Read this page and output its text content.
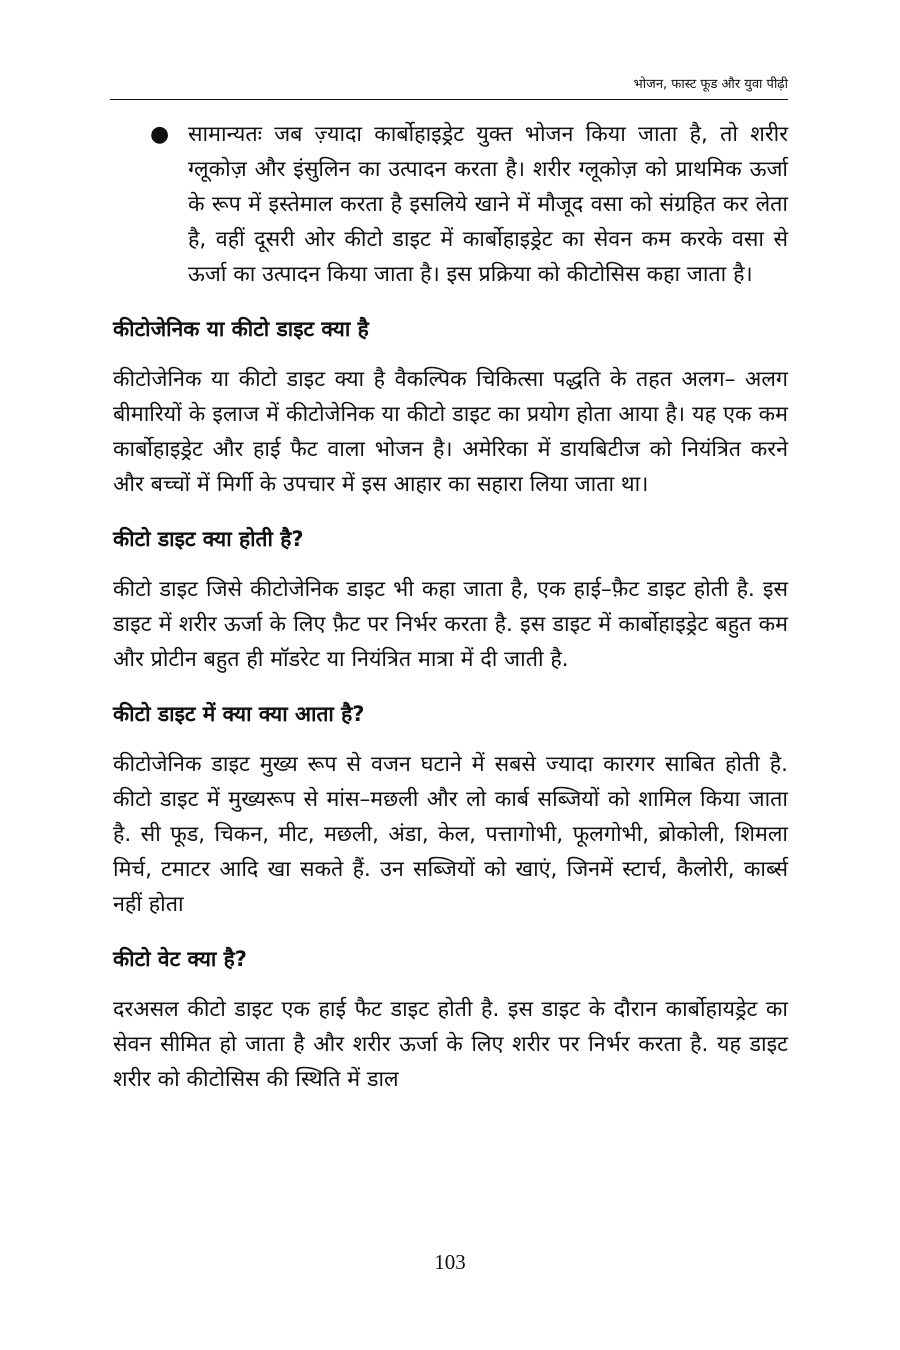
भोजन, फास्ट फूड और युवा पीढ़ी
● सामान्यतः जब ज़्यादा कार्बोहाइड्रेट युक्त भोजन किया जाता है, तो शरीर ग्लूकोज़ और इंसुलिन का उत्पादन करता है। शरीर ग्लूकोज़ को प्राथमिक ऊर्जा के रूप में इस्तेमाल करता है इसलिये खाने में मौजूद वसा को संग्रहित कर लेता है, वहीं दूसरी ओर कीटो डाइट में कार्बोहाइड्रेट का सेवन कम करके वसा से ऊर्जा का उत्पादन किया जाता है। इस प्रक्रिया को कीटोसिस कहा जाता है।

कीटोजेनिक या कीटो डाइट क्या है

कीटोजेनिक या कीटो डाइट क्या है वैकल्पिक चिकित्सा पद्धति के तहत अलग– अलग बीमारियों के इलाज में कीटोजेनिक या कीटो डाइट का प्रयोग होता आया है। यह एक कम कार्बोहाइड्रेट और हाई फैट वाला भोजन है। अमेरिका में डायबिटीज को नियंत्रित करने और बच्चों में मिर्गी के उपचार में इस आहार का सहारा लिया जाता था।

कीटो डाइट क्या होती है?

कीटो डाइट जिसे कीटोजेनिक डाइट भी कहा जाता है, एक हाई–फ़ैट डाइट होती है. इस डाइट में शरीर ऊर्जा के लिए फ़ैट पर निर्भर करता है. इस डाइट में कार्बोहाइड्रेट बहुत कम और प्रोटीन बहुत ही मॉडरेट या नियंत्रित मात्रा में दी जाती है.

कीटो डाइट में क्या क्या आता है?

कीटोजेनिक डाइट मुख्य रूप से वजन घटाने में सबसे ज्यादा कारगर साबित होती है. कीटो डाइट में मुख्यरूप से मांस–मछली और लो कार्ब सब्जियों को शामिल किया जाता है. सी फूड, चिकन, मीट, मछली, अंडा, केल, पत्तागोभी, फूलगोभी, ब्रोकोली, शिमला मिर्च, टमाटर आदि खा सकते हैं. उन सब्जियों को खाएं, जिनमें स्टार्च, कैलोरी, कार्ब्स नहीं होता

कीटो वेट क्या है?

दरअसल कीटो डाइट एक हाई फैट डाइट होती है. इस डाइट के दौरान कार्बोहायड्रेट का सेवन सीमित हो जाता है और शरीर ऊर्जा के लिए शरीर पर निर्भर करता है. यह डाइट शरीर को कीटोसिस की स्थिति में डाल

103
